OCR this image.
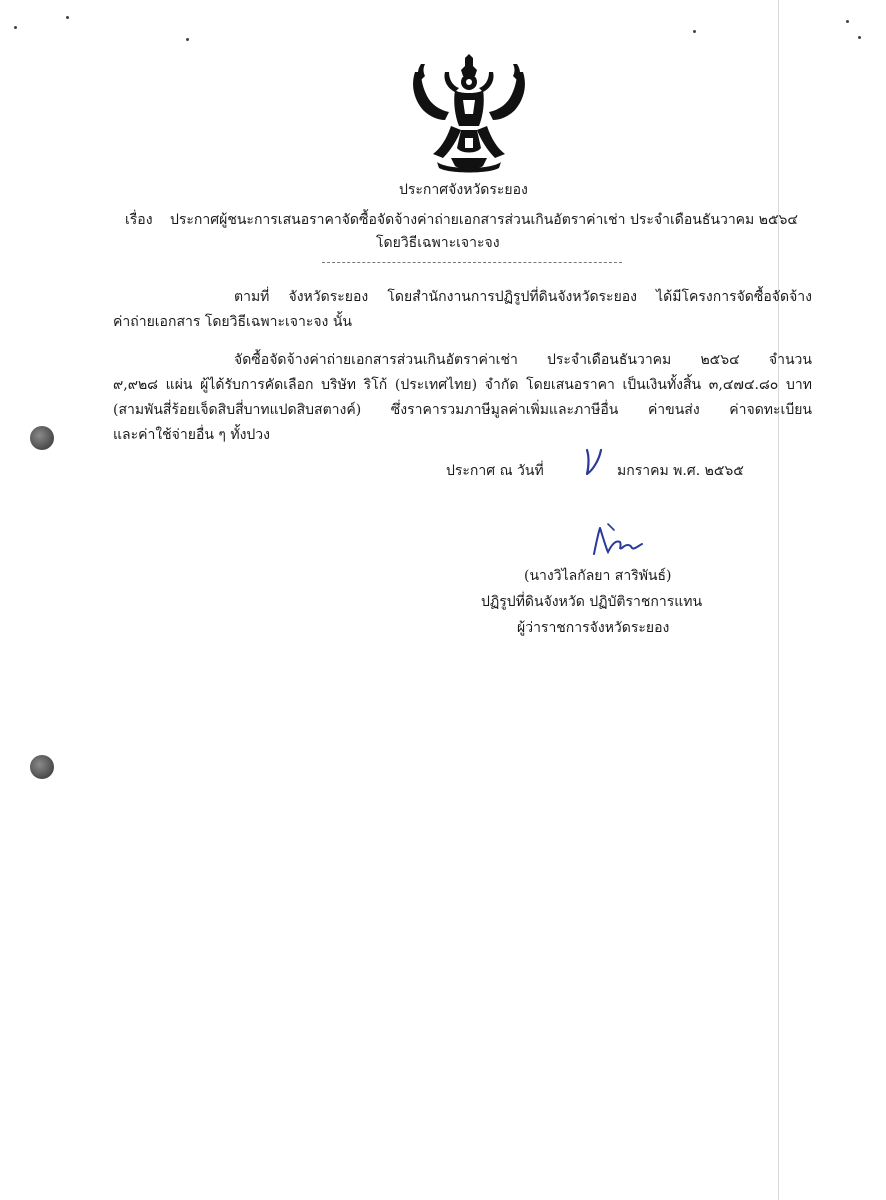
ประกาศจังหวัดระยอง
เรื่อง ประกาศผู้ชนะการเสนอราคาจัดซื้อจัดจ้างค่าถ่ายเอกสารส่วนเกินอัตราค่าเช่า ประจำเดือนธันวาคม ๒๕๖๔
โดยวิธีเฉพาะเจาะจง
ตามที่ จังหวัดระยอง โดยสำนักงานการปฏิรูปที่ดินจังหวัดระยอง ได้มีโครงการจัดซื้อจัดจ้าง
ค่าถ่ายเอกสาร โดยวิธีเฉพาะเจาะจง นั้น
จัดซื้อจัดจ้างค่าถ่ายเอกสารส่วนเกินอัตราค่าเช่า ประจำเดือนธันวาคม ๒๕๖๔ จำนวน
๙,๙๒๘ แผ่น ผู้ได้รับการคัดเลือก บริษัท ริโก้ (ประเทศไทย) จำกัด โดยเสนอราคา เป็นเงินทั้งสิ้น ๓,๔๗๔.๘๐ บาท
(สามพันสี่ร้อยเจ็ดสิบสี่บาทแปดสิบสตางค์) ซึ่งราคารวมภาษีมูลค่าเพิ่มและภาษีอื่น ค่าขนส่ง ค่าจดทะเบียน
และค่าใช้จ่ายอื่น ๆ ทั้งปวง
ประกาศ ณ วันที่	มกราคม พ.ศ. ๒๕๖๕
(นางวิไลกัลยา สาริพันธ์)
ปฏิรูปที่ดินจังหวัด ปฏิบัติราชการแทน
ผู้ว่าราชการจังหวัดระยอง
